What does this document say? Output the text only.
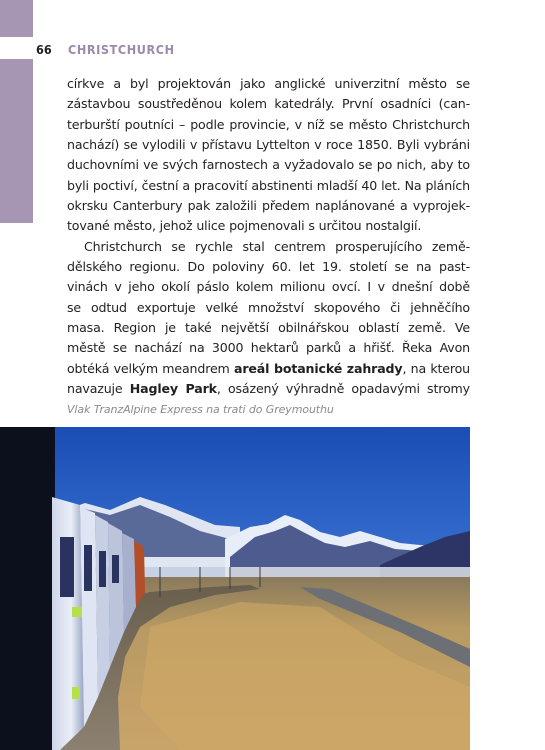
66 CHRISTCHURCH
církve a byl projektován jako anglické univerzitní město se
zástavbou soustředěnou kolem katedrály. První osadníci (can-
terburští poutníci – podle provincie, v níž se město Christchurch
nachází) se vylodili v přístavu Lyttelton v roce 1850. Byli vybráni
duchovními ve svých farnostech a vyžadovalo se po nich, aby to
byli poctiví, čestní a pracovití abstinenti mladší 40 let. Na pláních
okrsku Canterbury pak založili předem naplánované a vyprojek-
tované město, jehož ulice pojmenovali s určitou nostalgií.
Christchurch se rychle stal centrem prosperujícího země-
dělského regionu. Do poloviny 60. let 19. století se na past-
vinách v jeho okolí páslo kolem milionu ovcí. I v dnešní době
se odtud exportuje velké množství skopového či jehněčího
masa. Region je také největší obilnářskou oblastí země. Ve
městě se nachází na 3000 hektarů parků a hřišť. Řeka Avon
obtéká velkým meandrem areál botanické zahrady, na kterou
navazuje Hagley Park, osázený výhradně opadavými stromy
Vlak TranzAlpine Express na trati do Greymouthu
